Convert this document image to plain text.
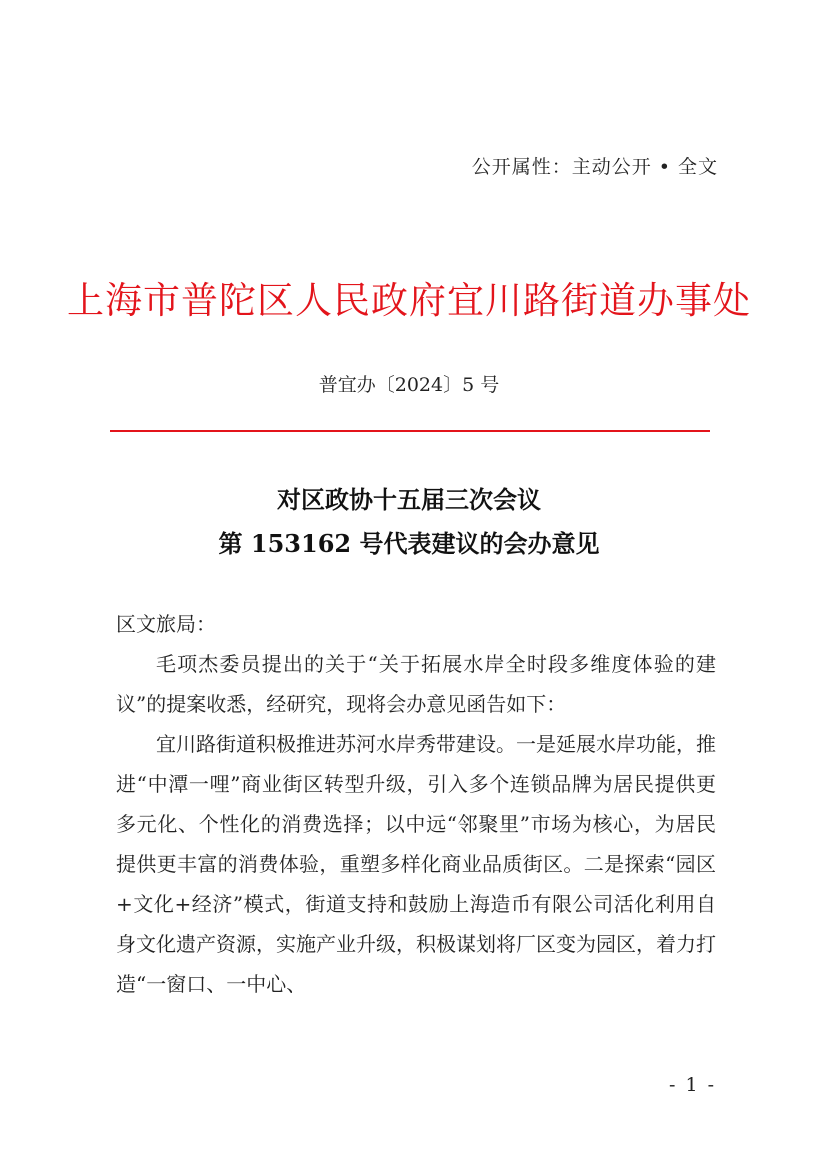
公开属性：主动公开 • 全文
上海市普陀区人民政府宜川路街道办事处
普宜办〔2024〕5 号
对区政协十五届三次会议
第 153162 号代表建议的会办意见

区文旅局：

毛项杰委员提出的关于“关于拓展水岸全时段多维度体验的建议”的提案收悉，经研究，现将会办意见函告如下：

宜川路街道积极推进苏河水岸秀带建设。一是延展水岸功能，推进“中潭一哩”商业街区转型升级，引入多个连锁品牌为居民提供更多元化、个性化的消费选择；以中远“邻聚里”市场为核心，为居民提供更丰富的消费体验，重塑多样化商业品质街区。二是探索“园区+文化+经济”模式，街道支持和鼓励上海造币有限公司活化利用自身文化遗产资源，实施产业升级，积极谋划将厂区变为园区，着力打造“一窗口、一中心、

- 1 -
